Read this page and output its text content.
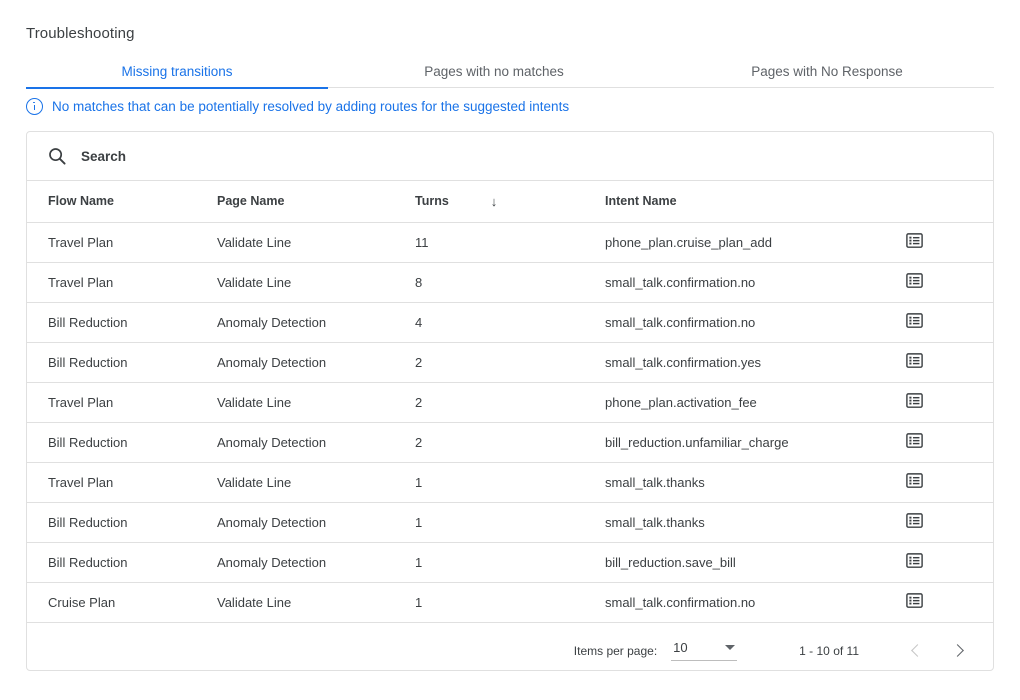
Troubleshooting
Missing transitions	Pages with no matches	Pages with No Response
No matches that can be potentially resolved by adding routes for the suggested intents
Search
Flow Name	Page Name	Turns ↓	Intent Name	
Travel Plan	Validate Line	11	phone_plan.cruise_plan_add	
Travel Plan	Validate Line	8	small_talk.confirmation.no	
Bill Reduction	Anomaly Detection	4	small_talk.confirmation.no	
Bill Reduction	Anomaly Detection	2	small_talk.confirmation.yes	
Travel Plan	Validate Line	2	phone_plan.activation_fee	
Bill Reduction	Anomaly Detection	2	bill_reduction.unfamiliar_charge	
Travel Plan	Validate Line	1	small_talk.thanks	
Bill Reduction	Anomaly Detection	1	small_talk.thanks	
Bill Reduction	Anomaly Detection	1	bill_reduction.save_bill	
Cruise Plan	Validate Line	1	small_talk.confirmation.no	
Items per page: 10	1 - 10 of 11
